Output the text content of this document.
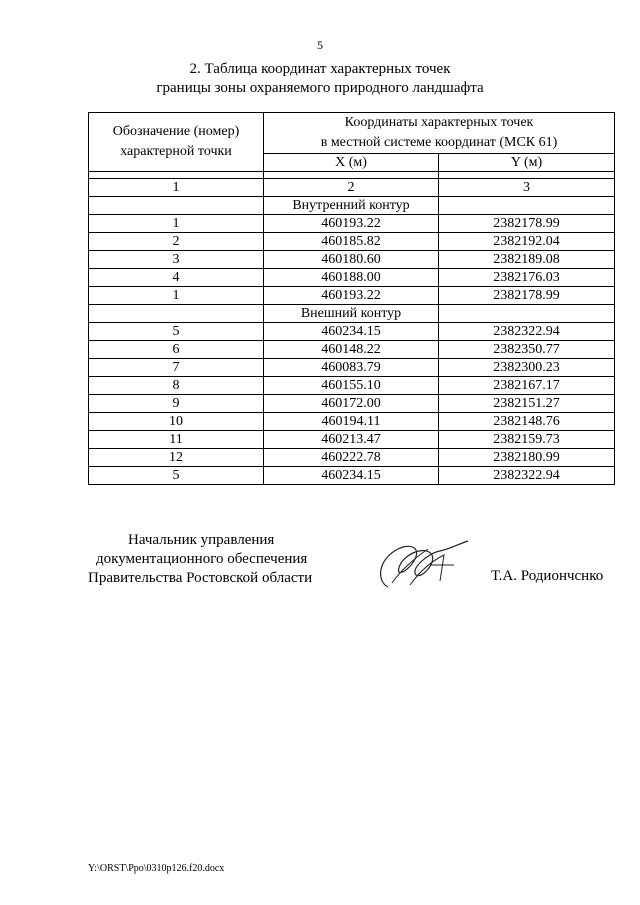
5
2. Таблица координат характерных точек
границы зоны охраняемого природного ландшафта
Обозначение (номер)
характерной точки	Координаты характерных точек
в местной системе координат (МСК 61)	

	X (м)	Y (м)

1	2	3
	Внутренний контур	
1	460193.22	2382178.99
2	460185.82	2382192.04
3	460180.60	2382189.08
4	460188.00	2382176.03
1	460193.22	2382178.99
	Внешний контур	
5	460234.15	2382322.94
6	460148.22	2382350.77
7	460083.79	2382300.23
8	460155.10	2382167.17
9	460172.00	2382151.27
10	460194.11	2382148.76
11	460213.47	2382159.73
12	460222.78	2382180.99
5	460234.15	2382322.94
Начальник управления
документационного обеспечения
Правительства Ростовской области	Т.А. Родиончснко
Y:\ORST\Ppo\0310p126.f20.docx
